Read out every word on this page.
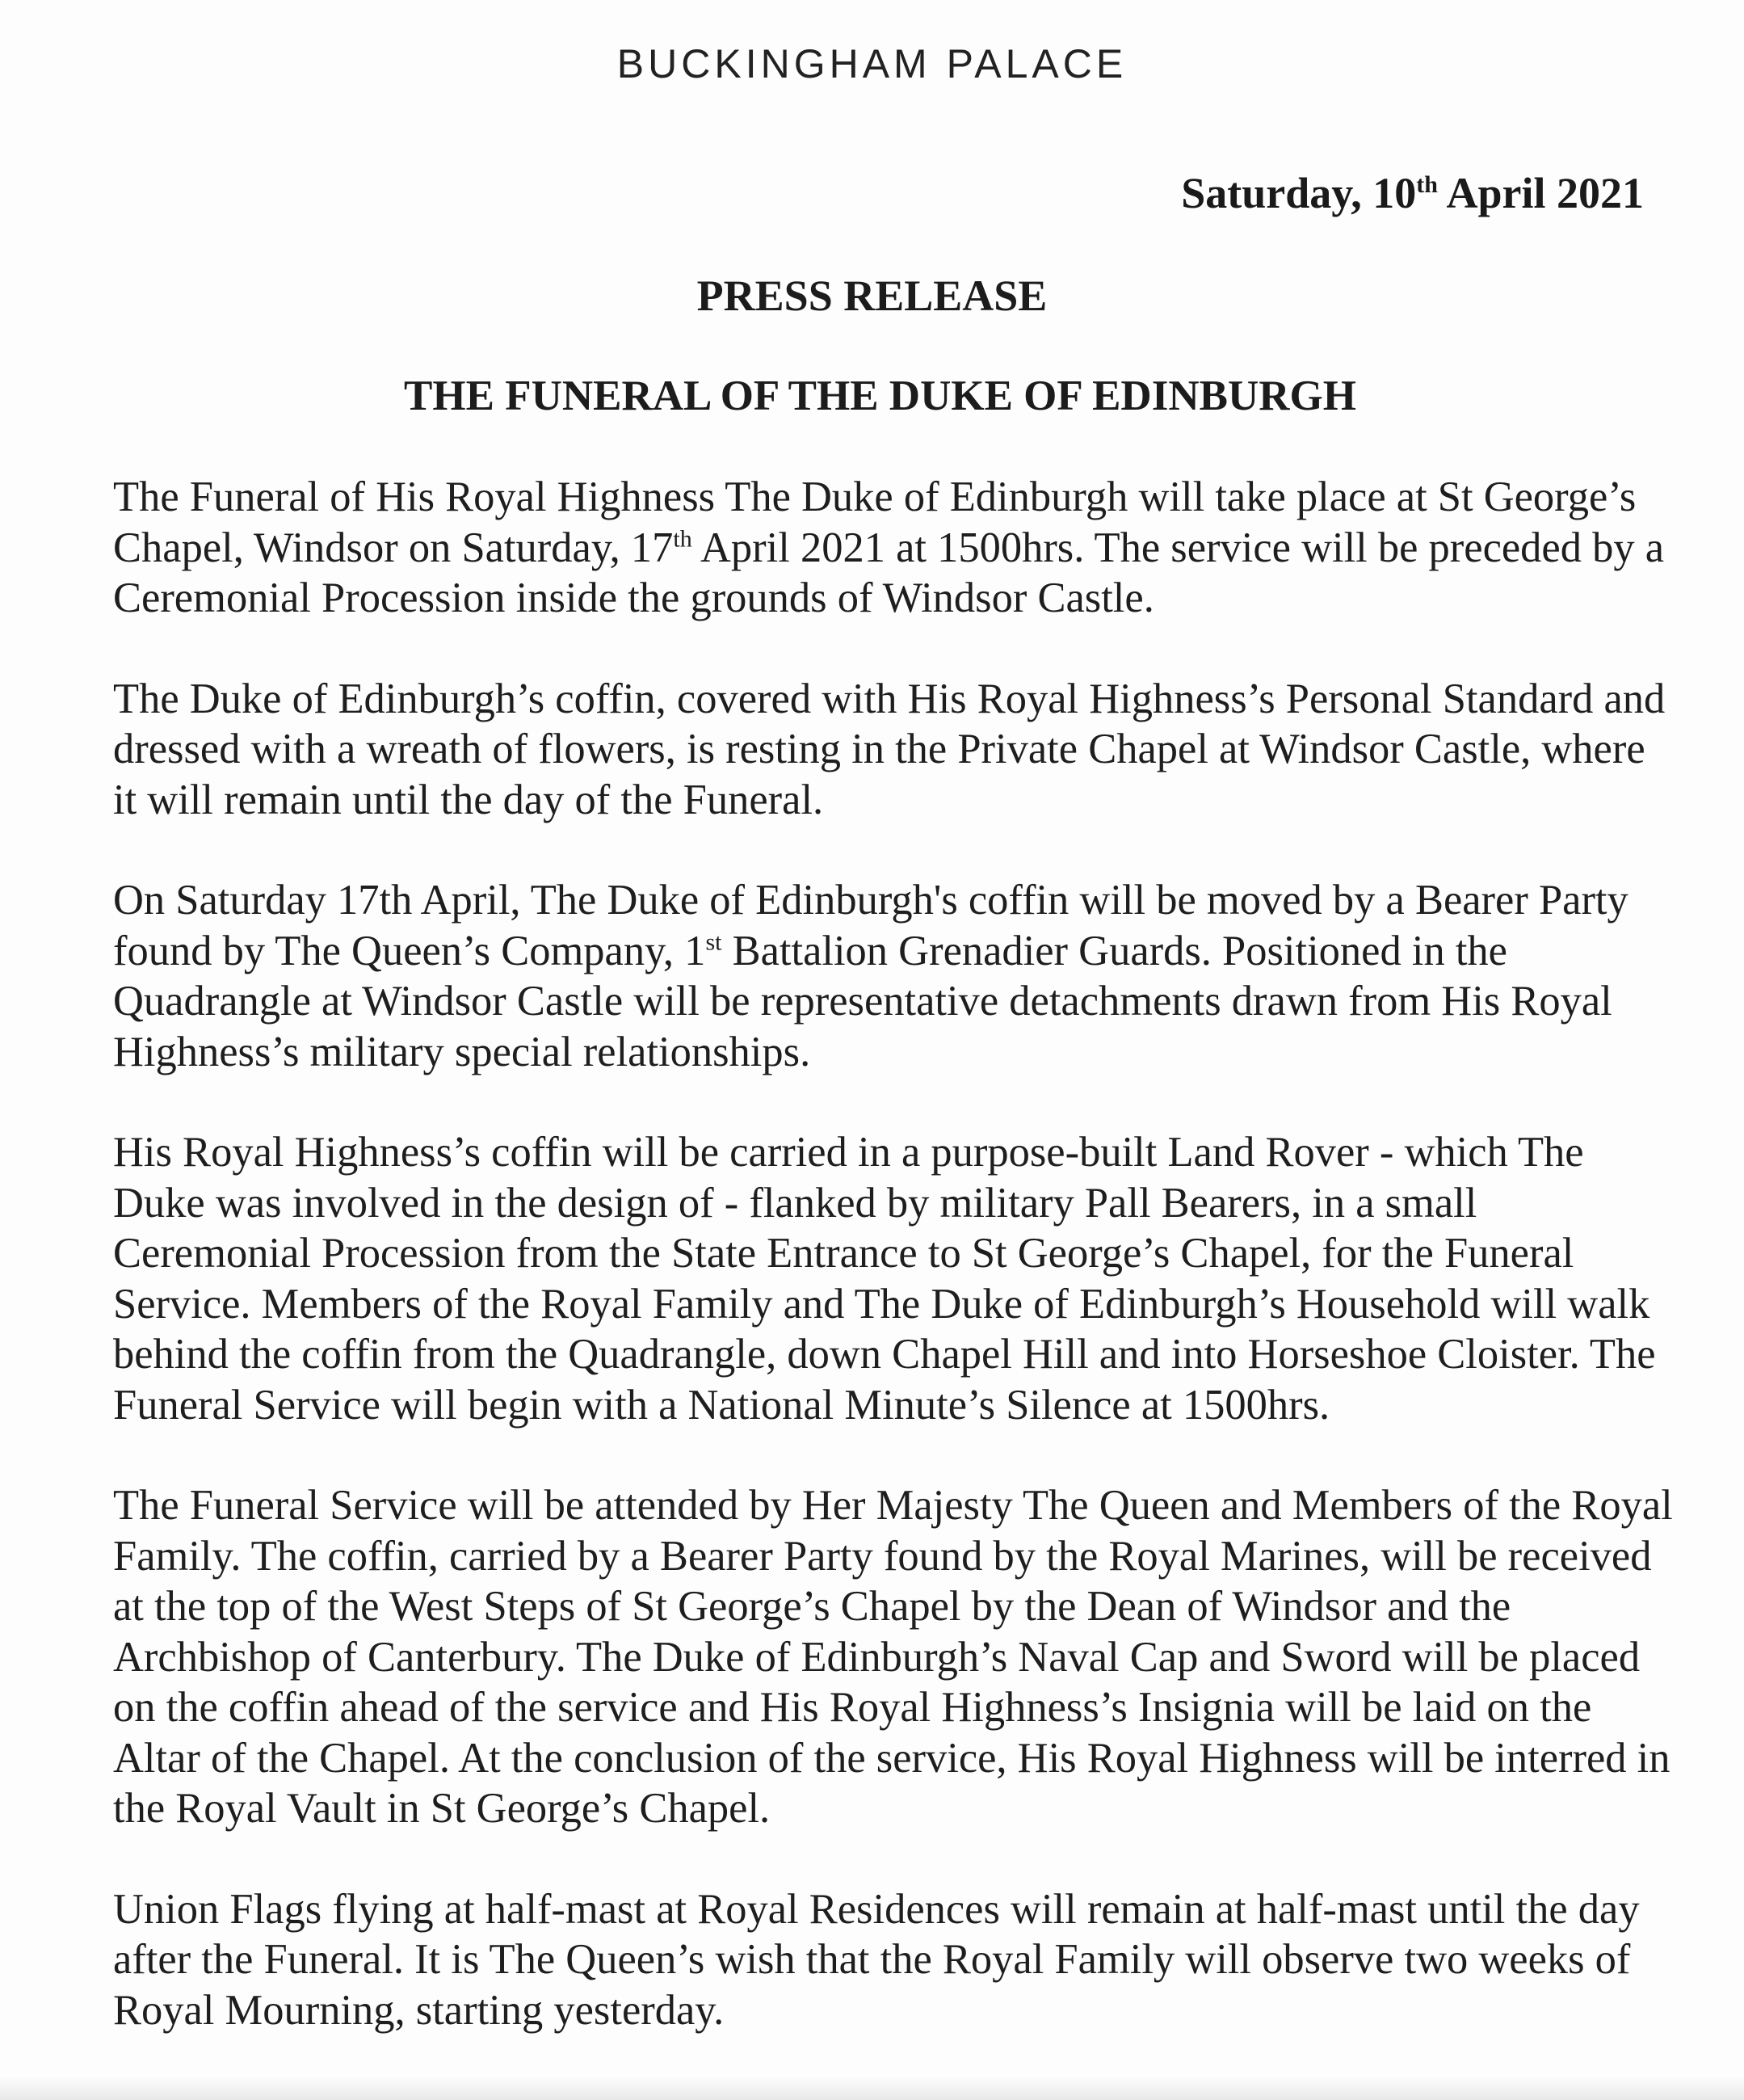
BUCKINGHAM PALACE
Saturday, 10th April 2021
PRESS RELEASE
THE FUNERAL OF THE DUKE OF EDINBURGH

The Funeral of His Royal Highness The Duke of Edinburgh will take place at St George’s Chapel, Windsor on Saturday, 17th April 2021 at 1500hrs. The service will be preceded by a Ceremonial Procession inside the grounds of Windsor Castle.

The Duke of Edinburgh’s coffin, covered with His Royal Highness’s Personal Standard and dressed with a wreath of flowers, is resting in the Private Chapel at Windsor Castle, where it will remain until the day of the Funeral.

On Saturday 17th April, The Duke of Edinburgh's coffin will be moved by a Bearer Party found by The Queen’s Company, 1st Battalion Grenadier Guards. Positioned in the Quadrangle at Windsor Castle will be representative detachments drawn from His Royal Highness’s military special relationships.

His Royal Highness’s coffin will be carried in a purpose-built Land Rover - which The Duke was involved in the design of - flanked by military Pall Bearers, in a small Ceremonial Procession from the State Entrance to St George’s Chapel, for the Funeral Service. Members of the Royal Family and The Duke of Edinburgh’s Household will walk behind the coffin from the Quadrangle, down Chapel Hill and into Horseshoe Cloister. The Funeral Service will begin with a National Minute’s Silence at 1500hrs.

The Funeral Service will be attended by Her Majesty The Queen and Members of the Royal Family. The coffin, carried by a Bearer Party found by the Royal Marines, will be received at the top of the West Steps of St George’s Chapel by the Dean of Windsor and the Archbishop of Canterbury. The Duke of Edinburgh’s Naval Cap and Sword will be placed on the coffin ahead of the service and His Royal Highness’s Insignia will be laid on the Altar of the Chapel. At the conclusion of the service, His Royal Highness will be interred in the Royal Vault in St George’s Chapel.

Union Flags flying at half-mast at Royal Residences will remain at half-mast until the day after the Funeral. It is The Queen’s wish that the Royal Family will observe two weeks of Royal Mourning, starting yesterday.
